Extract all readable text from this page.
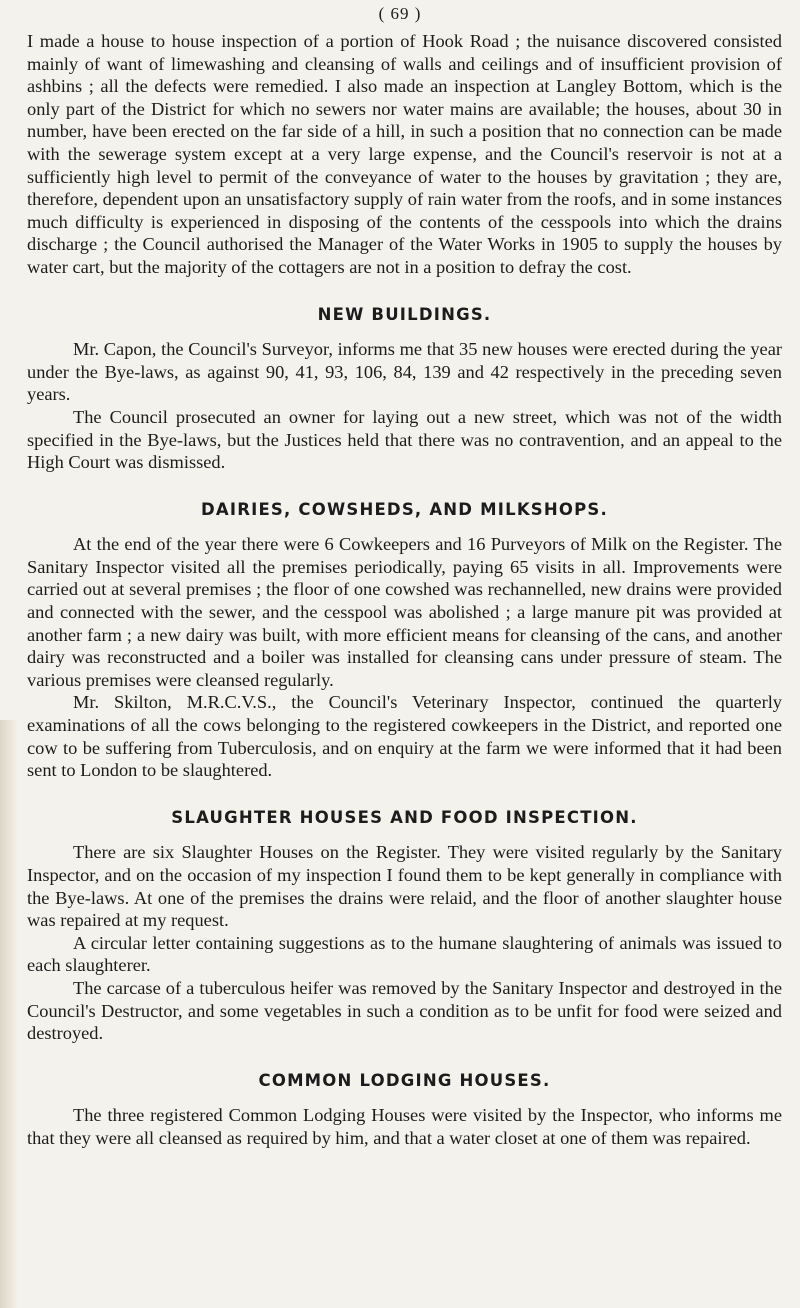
( 69 )

I made a house to house inspection of a portion of Hook Road ; the nuisance discovered consisted mainly of want of limewashing and cleansing of walls and ceilings and of insufficient provision of ashbins ; all the defects were remedied. I also made an inspection at Langley Bottom, which is the only part of the District for which no sewers nor water mains are available; the houses, about 30 in number, have been erected on the far side of a hill, in such a position that no connection can be made with the sewerage system except at a very large expense, and the Council's reservoir is not at a sufficiently high level to permit of the conveyance of water to the houses by gravitation ; they are, therefore, dependent upon an unsatisfactory supply of rain water from the roofs, and in some instances much difficulty is experienced in disposing of the contents of the cesspools into which the drains discharge ; the Council authorised the Manager of the Water Works in 1905 to supply the houses by water cart, but the majority of the cottagers are not in a position to defray the cost.

NEW BUILDINGS.

Mr. Capon, the Council's Surveyor, informs me that 35 new houses were erected during the year under the Bye-laws, as against 90, 41, 93, 106, 84, 139 and 42 respectively in the preceding seven years.

The Council prosecuted an owner for laying out a new street, which was not of the width specified in the Bye-laws, but the Justices held that there was no contravention, and an appeal to the High Court was dismissed.

DAIRIES, COWSHEDS, AND MILKSHOPS.

At the end of the year there were 6 Cowkeepers and 16 Purveyors of Milk on the Register. The Sanitary Inspector visited all the premises periodically, paying 65 visits in all. Improvements were carried out at several premises ; the floor of one cowshed was rechannelled, new drains were provided and connected with the sewer, and the cesspool was abolished ; a large manure pit was provided at another farm ; a new dairy was built, with more efficient means for cleansing of the cans, and another dairy was reconstructed and a boiler was installed for cleansing cans under pressure of steam. The various premises were cleansed regularly.

Mr. Skilton, M.R.C.V.S., the Council's Veterinary Inspector, continued the quarterly examinations of all the cows belonging to the registered cowkeepers in the District, and reported one cow to be suffering from Tuberculosis, and on enquiry at the farm we were informed that it had been sent to London to be slaughtered.

SLAUGHTER HOUSES AND FOOD INSPECTION.

There are six Slaughter Houses on the Register. They were visited regularly by the Sanitary Inspector, and on the occasion of my inspection I found them to be kept generally in compliance with the Bye-laws. At one of the premises the drains were relaid, and the floor of another slaughter house was repaired at my request.

A circular letter containing suggestions as to the humane slaughtering of animals was issued to each slaughterer.

The carcase of a tuberculous heifer was removed by the Sanitary Inspector and destroyed in the Council's Destructor, and some vegetables in such a condition as to be unfit for food were seized and destroyed.

COMMON LODGING HOUSES.

The three registered Common Lodging Houses were visited by the Inspector, who informs me that they were all cleansed as required by him, and that a water closet at one of them was repaired.
